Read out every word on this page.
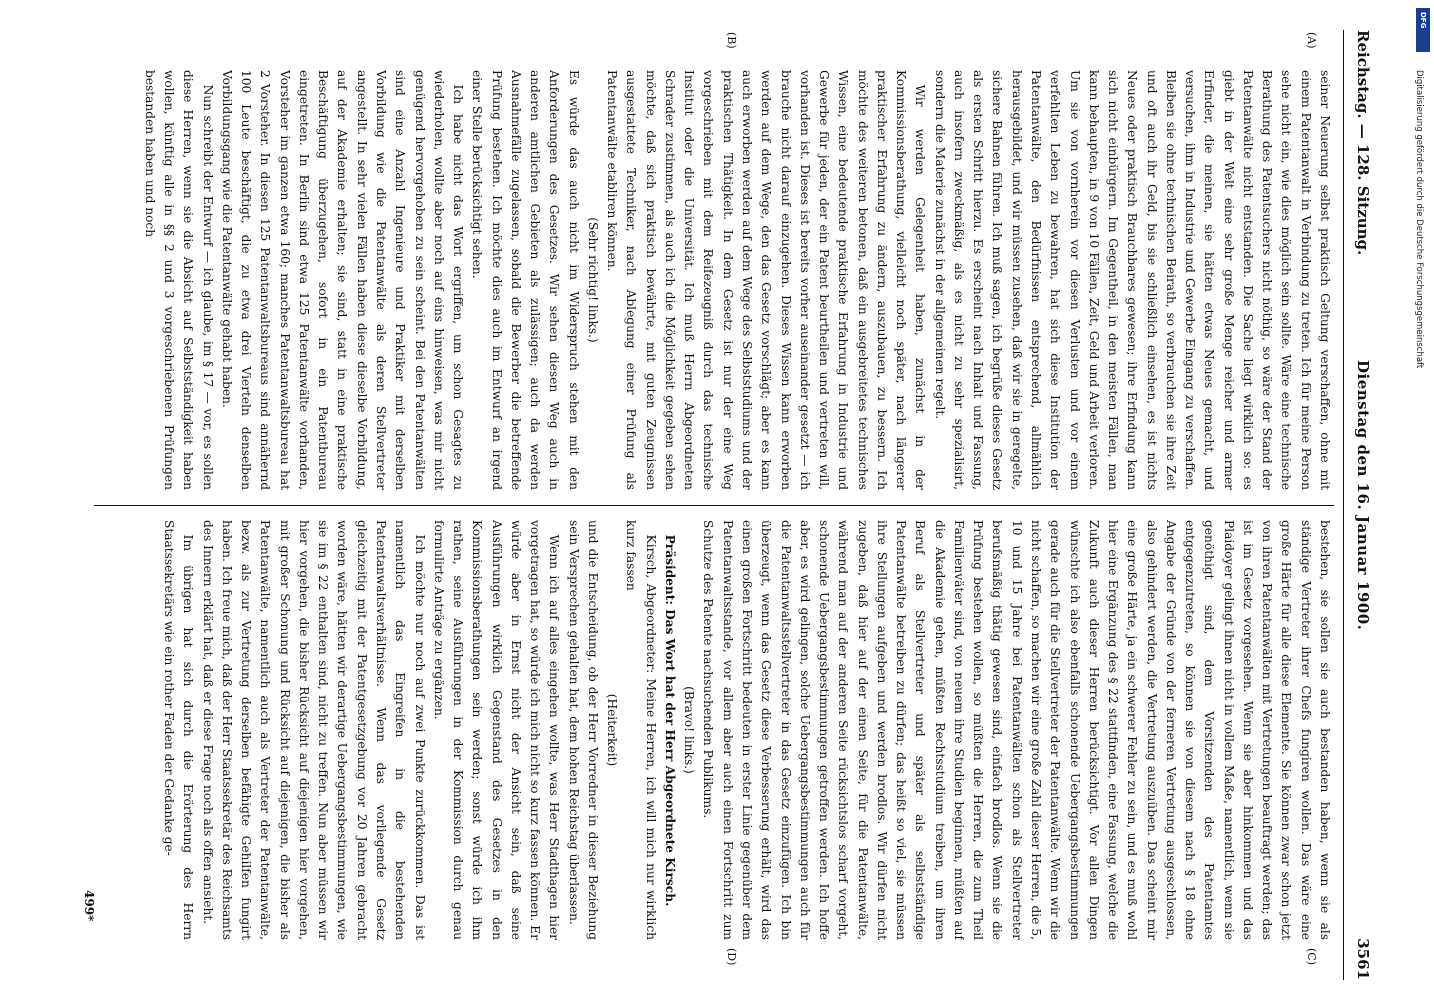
Reichstag. — 128. Sitzung.
Dienstag den 16. Januar 1900.
3561
(A)
(B)
(C)
(D)

seiner Neuerung selbst praktisch Geltung verschaffen, ohne mit einem Patentanwalt in Verbindung zu treten. Ich für meine Person sehe nicht ein, wie dies möglich sein sollte. Wäre eine technische Berathung des Patentsuchers nicht nöthig, so wäre der Stand der Patentanwälte nicht entstanden. Die Sache liegt wirklich so: es giebt in der Welt eine sehr große Menge reicher und armer Erfinder, die meinen, sie hätten etwas Neues gemacht, und versuchen, ihm in Industrie und Gewerbe Eingang zu verschaffen. Bleiben sie ohne technischen Beirath, so verbrauchen sie ihre Zeit und oft auch ihr Geld, bis sie schließlich einsehen, es ist nichts Neues oder praktisch Brauchbares gewesen; ihre Erfindung kann sich nicht einbürgern. Im Gegentheil, in den meisten Fällen, man kann behaupten, in 9 von 10 Fällen, Zeit, Geld und Arbeit verloren. Um sie von vornherein vor diesen Verlusten und vor einem verfehlten Leben zu bewahren, hat sich diese Institution der Patentanwälte, den Bedürfnissen entsprechend, allmählich herausgebildet, und wir müssen zusehen, daß wir sie in geregelte, sichere Bahnen führen. Ich muß sagen, ich begrüße dieses Gesetz als ersten Schritt hierzu. Es erscheint nach Inhalt und Fassung, auch insofern zweckmäßig, als es nicht zu sehr spezialisirt, sondern die Materie zunächst in der allgemeinen regelt.

Wir werden Gelegenheit haben, zunächst in der Kommissionsberathung, vielleicht noch später, nach längerer praktischer Erfahrung zu ändern, auszubauen, zu bessern. Ich möchte des weiteren betonen, daß ein ausgebreitetes technisches Wissen, eine bedeutende praktische Erfahrung in Industrie und Gewerbe für jeden, der ein Patent beurtheilen und vertreten will, vorhanden ist. Dieses ist bereits vorher auseinander gesetzt — ich brauche nicht darauf einzugehen. Dieses Wissen kann erworben werden auf dem Wege, den das Gesetz vorschlägt; aber es kann auch erworben werden auf dem Wege des Selbststudiums und der praktischen Thätigkeit. In dem Gesetz ist nur der eine Weg vorgeschrieben mit dem Reifezeugniß durch das technische Institut oder die Universität. Ich muß Herrn Abgeordneten Schrader zustimmen, als auch ich die Möglichkeit gegeben sehen möchte, daß sich praktisch bewährte, mit guten Zeugnissen ausgestattete Techniker, nach Ablegung einer Prüfung als Patentanwälte etabliren können.

(Sehr richtig! links.)

Es würde das auch nicht im Widerspruch stehen mit den Anforderungen des Gesetzes. Wir sehen diesen Weg auch in anderen amtlichen Gebieten als zulässigen; auch da werden Ausnahmefälle zugelassen, sobald die Bewerber die betreffende Prüfung bestehen. Ich möchte dies auch im Entwurf an irgend einer Stelle berücksichtigt sehen.

Ich habe nicht das Wort ergriffen, um schon Gesagtes zu wiederholen, wollte aber noch auf eins hinweisen, was mir nicht genügend hervorgehoben zu sein scheint. Bei den Patentanwälten sind eine Anzahl Ingenieure und Praktiker mit derselben Vorbildung wie die Patentanwälte als deren Stellvertreter angestellt. In sehr vielen Fällen haben diese dieselbe Vorbildung, auf der Akademie erhalten; sie sind, statt in eine praktische Beschäftigung überzugehen, sofort in ein Patentbureau eingetreten. In Berlin sind etwa 125 Patentanwälte vorhanden, Vorsteher im ganzen etwa 160; manches Patentanwaltsbureau hat 2 Vorsteher. In diesen 125 Patentanwaltsbureaus sind annähernd 100 Leute beschäftigt, die zu etwa drei Vierteln denselben Vorbildungsgang wie die Patentanwälte gehabt haben.

Nun schreibt der Entwurf — ich glaube, im § 17 — vor, es sollen diese Herren, wenn sie die Absicht auf Selbstständigkeit haben wollen, künftig alle in §§ 2 und 3 vorgeschriebenen Prüfungen bestanden haben und noch

bestehen, sie sollen sie auch bestanden haben, wenn sie als ständige Vertreter ihrer Chefs fungiren wollen. Das wäre eine große Härte für alle diese Elemente. Sie können zwar schon jetzt von ihren Patentanwälten mit Vertretungen beauftragt werden; das ist im Gesetz vorgesehen. Wenn sie aber hinkommen und das Plaidoyer gelingt ihnen nicht in vollem Maße, namentlich, wenn sie genöthigt sind, dem Vorsitzenden des Patentamtes entgegenzutreten, so können sie von diesem nach § 18 ohne Angabe der Gründe von der ferneren Vertretung ausgeschlossen, also gehindert werden, die Vertretung auszuüben. Das scheint mir eine große Härte, ja ein schwerer Fehler zu sein, und es muß wohl hier eine Ergänzung des § 22 stattfinden, eine Fassung, welche die Zukunft auch dieser Herren berücksichtigt. Vor allen Dingen wünschte ich also ebenfalls schonende Uebergangsbestimmungen gerade auch für die Stellvertreter der Patentanwälte. Wenn wir die nicht schaffen, so machen wir eine große Zahl dieser Herren, die 5, 10 und 15 Jahre bei Patentanwälten schon als Stellvertreter berufsmäßig thätig gewesen sind, einfach brodlos. Wenn sie die Prüfung bestehen wollen, so müßten die Herren, die zum Theil Familienväter sind, von neuem ihre Studien beginnen, müßten auf die Akademie gehen, müßten Rechtsstudium treiben, um ihren Beruf als Stellvertreter und später als selbstständige Patentanwälte betreiben zu dürfen; das heißt so viel, sie müssen ihre Stellungen aufgeben und werden brodlos. Wir dürfen nicht zugeben, daß hier auf der einen Seite, für die Patentanwälte, während man auf der anderen Seite rücksichtslos scharf vorgeht, schonende Uebergangsbestimmungen getroffen werden. Ich hoffe aber, es wird gelingen, solche Uebergangsbestimmungen auch für die Patentanwaltsstellvertreter in das Gesetz einzufügen. Ich bin überzeugt, wenn das Gesetz diese Verbesserung erhält, wird das einen großen Fortschritt bedeuten in erster Linie gegenüber dem Patentanwaltsstande, vor allem aber auch einen Fortschritt zum Schutze des Patente nachsuchenden Publikums.

(Bravo! links.)

Präsident: Das Wort hat der Herr Abgeordnete Kirsch.

Kirsch, Abgeordneter: Meine Herren, ich will mich nur wirklich kurz fassen

(Heiterkeit)

und die Entscheidung, ob der Herr Vorredner in dieser Beziehung sein Versprechen gehalten hat, dem hohen Reichstag überlassen.

Wenn ich auf alles eingehen wollte, was Herr Stadthagen hier vorgetragen hat, so würde ich mich nicht so kurz fassen können. Er würde aber in Ernst nicht der Ansicht sein, daß seine Ausführungen wirklich Gegenstand des Gesetzes in den Kommissionsberathungen sein werden; sonst würde ich ihm rathen, seine Ausführungen in der Kommission durch genau formulirte Anträge zu ergänzen.

Ich möchte nur noch auf zwei Punkte zurückkommen. Das ist namentlich das Eingreifen in die bestehenden Patentanwaltsverhältnisse. Wenn das vorliegende Gesetz gleichzeitig mit der Patentgesetzgebung vor 20 Jahren gebracht worden wäre, hätten wir derartige Uebergangsbestimmungen, wie sie im § 22 enthalten sind, nicht zu treffen. Nun aber müssen wir hier vorgehen, die bisher Rücksicht auf diejenigen hier vorgehen, mit großer Schonung und Rücksicht auf diejenigen, die bisher als Patentanwälte, namentlich auch als Vertreter der Patentanwälte, bezw. als zur Vertretung derselben befähigte Gehilfen fungirt haben. Ich freue mich, daß der Herr Staatssekretär des Reichsamts des Innern erklärt hat, daß er diese Frage noch als offen ansieht.

Im übrigen hat sich durch die Erörterung des Herrn Staatssekretärs wie ein rother Faden der Gedanke ge-

499*
DFG
Digitalisierung gefördert durch die Deutsche Forschungsgemeinschaft
